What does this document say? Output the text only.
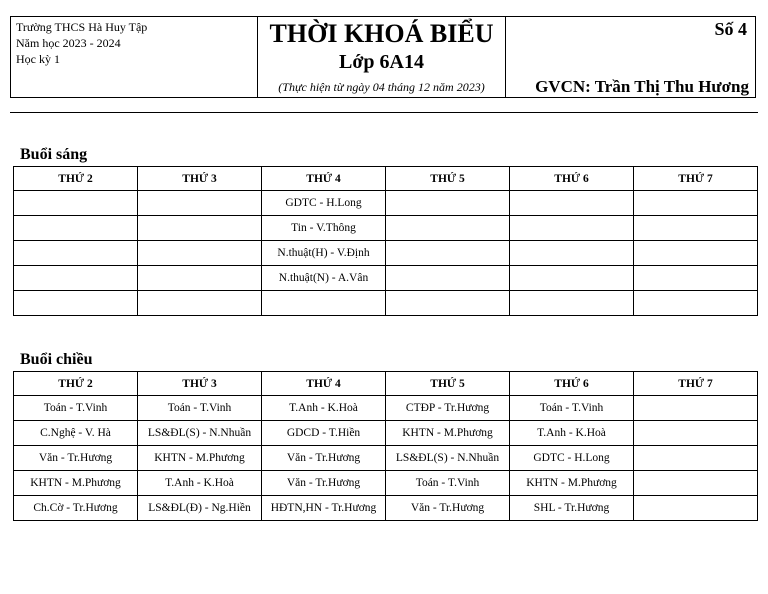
Trường THCS Hà Huy Tập
Năm học 2023 - 2024
Học kỳ 1
THỜI KHOÁ BIỂU
Lớp 6A14
(Thực hiện từ ngày 04 tháng 12 năm 2023)
Số 4
GVCN: Trần Thị Thu Hương
Buổi sáng
THỨ 2	THỨ 3	THỨ 4	THỨ 5	THỨ 6	THỨ 7
		GDTC - H.Long			
		Tin - V.Thông			
		N.thuật(H) - V.Định			
		N.thuật(N) - A.Vân			

Buổi chiều
THỨ 2	THỨ 3	THỨ 4	THỨ 5	THỨ 6	THỨ 7
Toán - T.Vinh	Toán - T.Vinh	T.Anh - K.Hoà	CTĐP - Tr.Hương	Toán - T.Vinh	
C.Nghệ - V. Hà	LS&ĐL(S) - N.Nhuần	GDCD - T.Hiền	KHTN - M.Phương	T.Anh - K.Hoà	
Văn - Tr.Hương	KHTN - M.Phương	Văn - Tr.Hương	LS&ĐL(S) - N.Nhuần	GDTC - H.Long	
KHTN - M.Phương	T.Anh - K.Hoà	Văn - Tr.Hương	Toán - T.Vinh	KHTN - M.Phương	
Ch.Cờ - Tr.Hương	LS&ĐL(Đ) - Ng.Hiền	HĐTN,HN - Tr.Hương	Văn - Tr.Hương	SHL - Tr.Hương	
